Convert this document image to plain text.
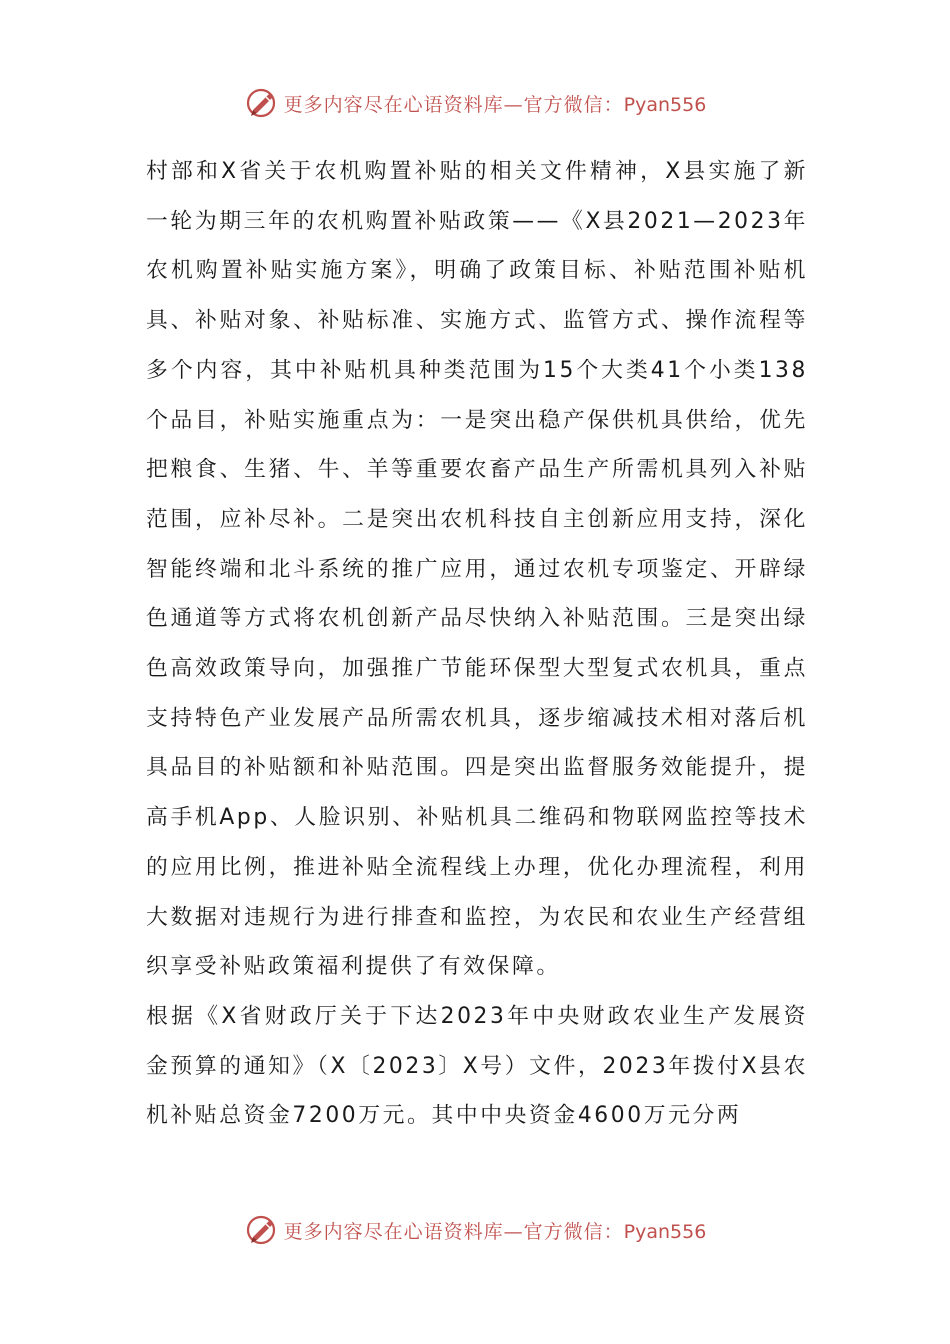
更多内容尽在心语资料库—官方微信：Pyan556

村部和X省关于农机购置补贴的相关文件精神，X县实施了新一轮为期三年的农机购置补贴政策——《X县2021—2023年农机购置补贴实施方案》，明确了政策目标、补贴范围补贴机具、补贴对象、补贴标准、实施方式、监管方式、操作流程等多个内容，其中补贴机具种类范围为15个大类41个小类138个品目，补贴实施重点为：一是突出稳产保供机具供给，优先把粮食、生猪、牛、羊等重要农畜产品生产所需机具列入补贴范围，应补尽补。二是突出农机科技自主创新应用支持，深化智能终端和北斗系统的推广应用，通过农机专项鉴定、开辟绿色通道等方式将农机创新产品尽快纳入补贴范围。三是突出绿色高效政策导向，加强推广节能环保型大型复式农机具，重点支持特色产业发展产品所需农机具，逐步缩减技术相对落后机具品目的补贴额和补贴范围。四是突出监督服务效能提升，提高手机App、人脸识别、补贴机具二维码和物联网监控等技术的应用比例，推进补贴全流程线上办理，优化办理流程，利用大数据对违规行为进行排查和监控，为农民和农业生产经营组织享受补贴政策福利提供了有效保障。

根据《X省财政厅关于下达2023年中央财政农业生产发展资金预算的通知》（X〔2023〕X号）文件，2023年拨付X县农机补贴总资金7200万元。其中中央资金4600万元分两

更多内容尽在心语资料库—官方微信：Pyan556
